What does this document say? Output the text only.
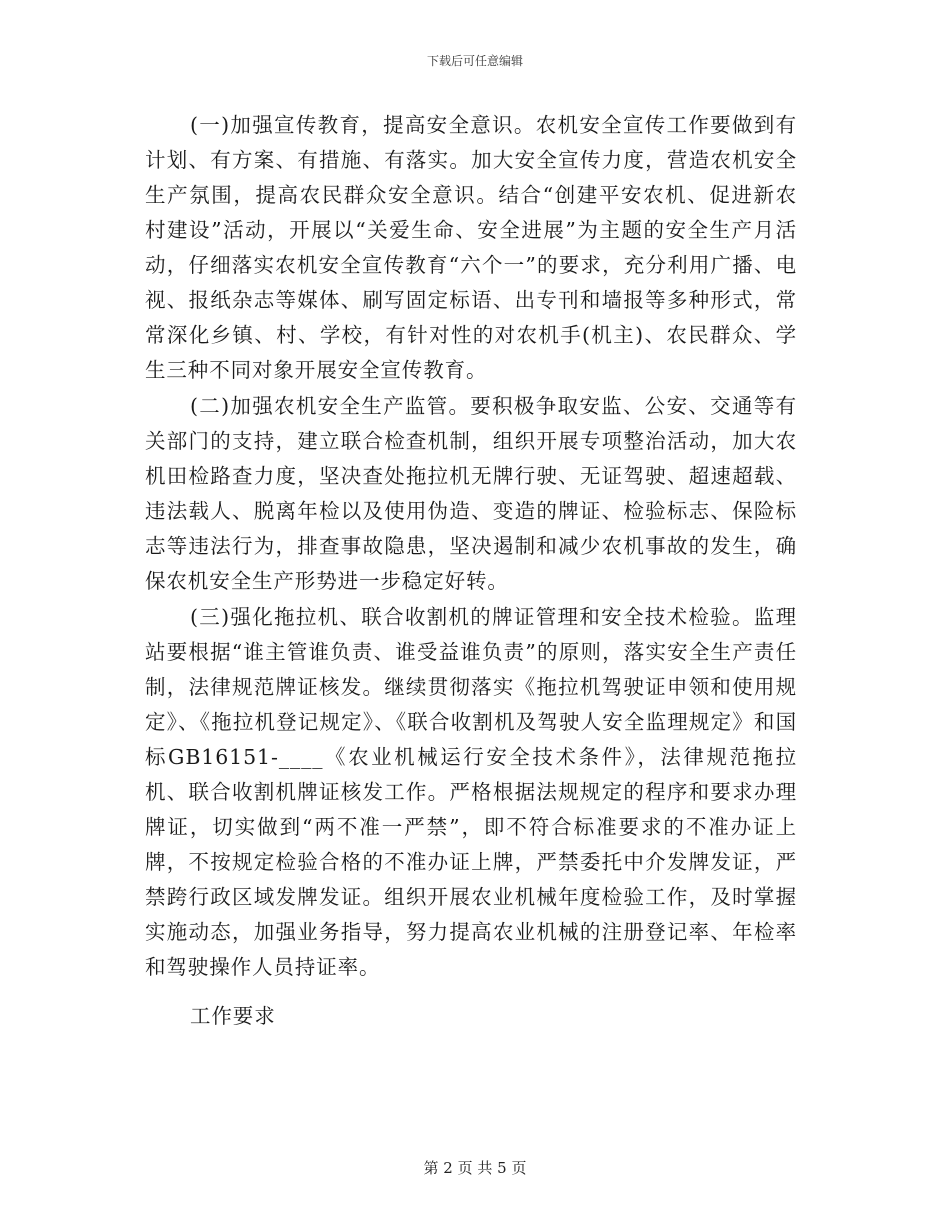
下载后可任意编辑

(一)加强宣传教育，提高安全意识。农机安全宣传工作要做到有计划、有方案、有措施、有落实。加大安全宣传力度，营造农机安全生产氛围，提高农民群众安全意识。结合“创建平安农机、促进新农村建设”活动，开展以“关爱生命、安全进展”为主题的安全生产月活动，仔细落实农机安全宣传教育“六个一”的要求，充分利用广播、电视、报纸杂志等媒体、刷写固定标语、出专刊和墙报等多种形式，常常深化乡镇、村、学校，有针对性的对农机手(机主)、农民群众、学生三种不同对象开展安全宣传教育。

(二)加强农机安全生产监管。要积极争取安监、公安、交通等有关部门的支持，建立联合检查机制，组织开展专项整治活动，加大农机田检路查力度，坚决查处拖拉机无牌行驶、无证驾驶、超速超载、违法载人、脱离年检以及使用伪造、变造的牌证、检验标志、保险标志等违法行为，排查事故隐患，坚决遏制和减少农机事故的发生，确保农机安全生产形势进一步稳定好转。

(三)强化拖拉机、联合收割机的牌证管理和安全技术检验。监理站要根据“谁主管谁负责、谁受益谁负责”的原则，落实安全生产责任制，法律规范牌证核发。继续贯彻落实《拖拉机驾驶证申领和使用规定》、《拖拉机登记规定》、《联合收割机及驾驶人安全监理规定》和国标GB16151-____《农业机械运行安全技术条件》，法律规范拖拉机、联合收割机牌证核发工作。严格根据法规规定的程序和要求办理牌证，切实做到“两不准一严禁”，即不符合标准要求的不准办证上牌，不按规定检验合格的不准办证上牌，严禁委托中介发牌发证，严禁跨行政区域发牌发证。组织开展农业机械年度检验工作，及时掌握实施动态，加强业务指导，努力提高农业机械的注册登记率、年检率和驾驶操作人员持证率。

工作要求

第 2 页 共 5 页
